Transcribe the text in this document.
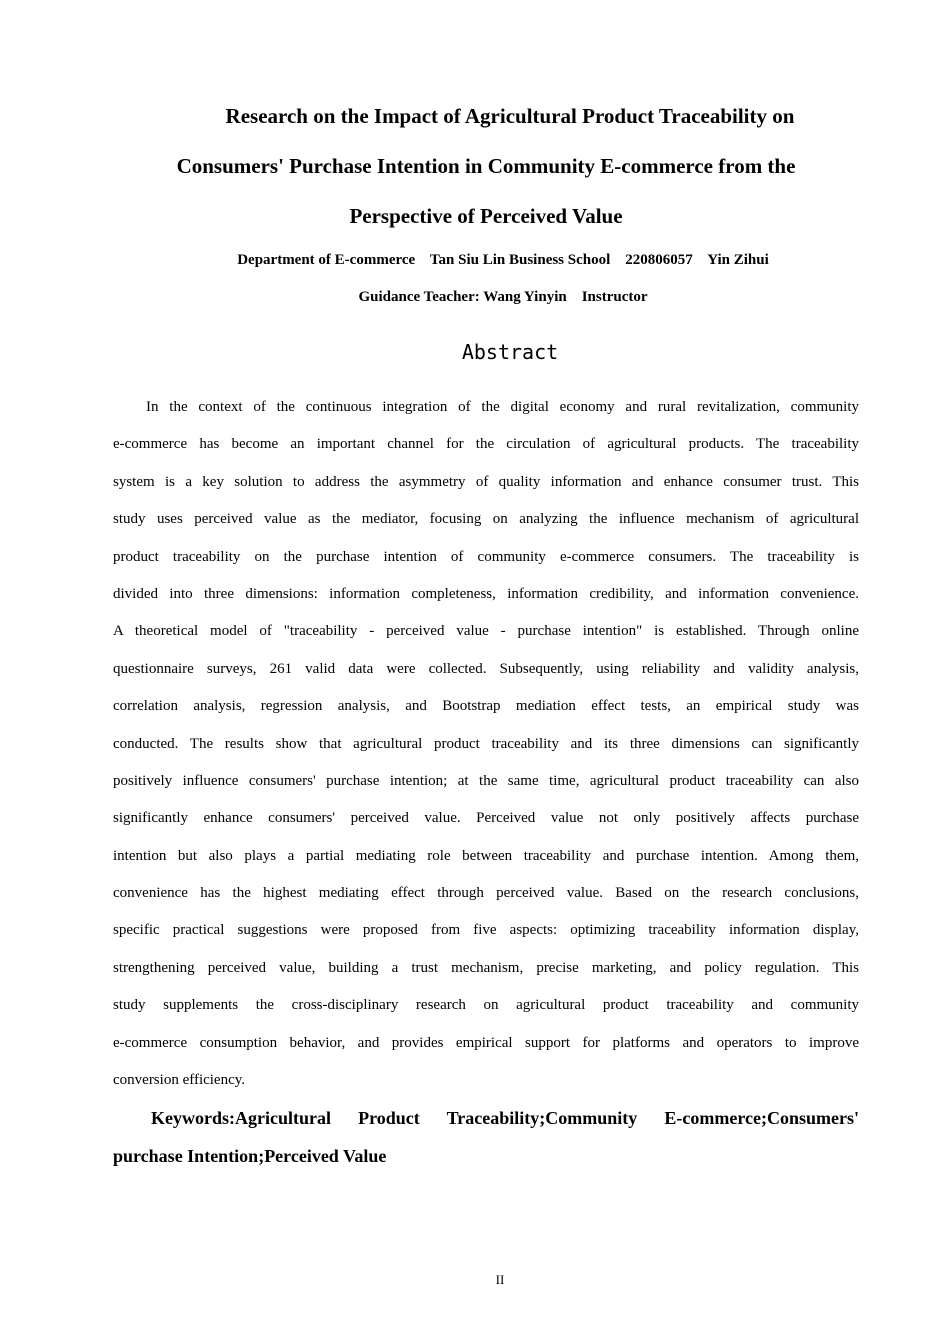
Research on the Impact of Agricultural Product Traceability on
Consumers' Purchase Intention in Community E-commerce from the
Perspective of Perceived Value
Department of E-commerce    Tan Siu Lin Business School    220806057    Yin Zihui
Guidance Teacher: Wang Yinyin    Instructor
Abstract
In the context of the continuous integration of the digital economy and rural revitalization, community
e-commerce has become an important channel for the circulation of agricultural products. The traceability
system is a key solution to address the asymmetry of quality information and enhance consumer trust. This
study uses perceived value as the mediator, focusing on analyzing the influence mechanism of agricultural
product traceability on the purchase intention of community e-commerce consumers. The traceability is
divided into three dimensions: information completeness, information credibility, and information convenience.
A theoretical model of "traceability - perceived value - purchase intention" is established. Through online
questionnaire surveys, 261 valid data were collected. Subsequently, using reliability and validity analysis,
correlation analysis, regression analysis, and Bootstrap mediation effect tests, an empirical study was
conducted. The results show that agricultural product traceability and its three dimensions can significantly
positively influence consumers' purchase intention; at the same time, agricultural product traceability can also
significantly enhance consumers' perceived value. Perceived value not only positively affects purchase
intention but also plays a partial mediating role between traceability and purchase intention. Among them,
convenience has the highest mediating effect through perceived value. Based on the research conclusions,
specific practical suggestions were proposed from five aspects: optimizing traceability information display,
strengthening perceived value, building a trust mechanism, precise marketing, and policy regulation. This
study supplements the cross-disciplinary research on agricultural product traceability and community
e-commerce consumption behavior, and provides empirical support for platforms and operators to improve
conversion efficiency.
Keywords:Agricultural Product Traceability;Community E-commerce;Consumers'
purchase Intention;Perceived Value
II
